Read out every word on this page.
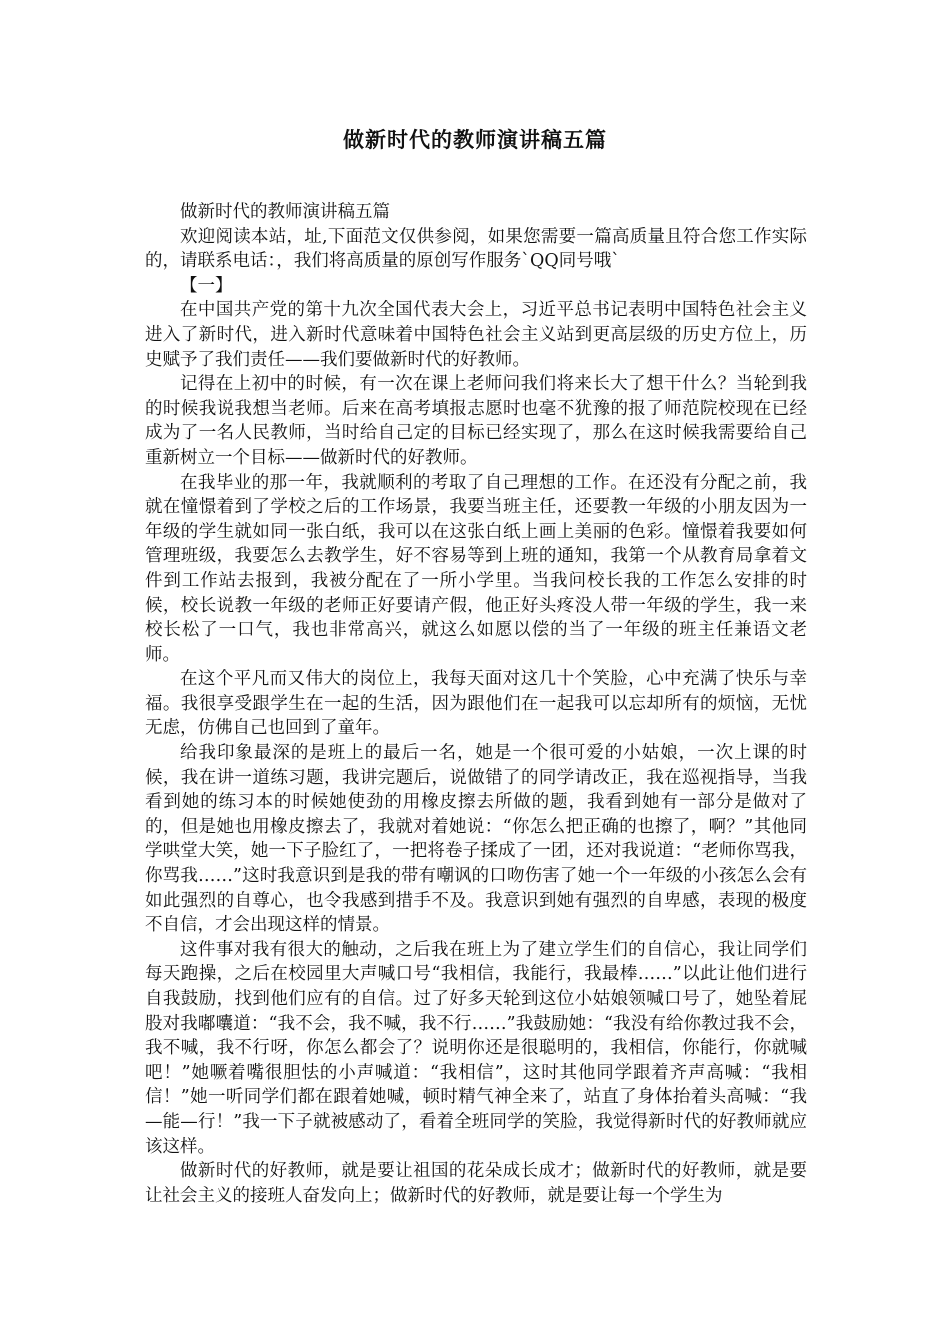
做新时代的教师演讲稿五篇

做新时代的教师演讲稿五篇

欢迎阅读本站，址,下面范文仅供参阅，如果您需要一篇高质量且符合您工作实际的，请联系电话：，我们将高质量的原创写作服务`QQ同号哦`

【一】

在中国共产党的第十九次全国代表大会上，习近平总书记表明中国特色社会主义进入了新时代，进入新时代意味着中国特色社会主义站到更高层级的历史方位上，历史赋予了我们责任——我们要做新时代的好教师。

记得在上初中的时候，有一次在课上老师问我们将来长大了想干什么？当轮到我的时候我说我想当老师。后来在高考填报志愿时也毫不犹豫的报了师范院校现在已经成为了一名人民教师，当时给自己定的目标已经实现了，那么在这时候我需要给自己重新树立一个目标——做新时代的好教师。

在我毕业的那一年，我就顺利的考取了自己理想的工作。在还没有分配之前，我就在憧憬着到了学校之后的工作场景，我要当班主任，还要教一年级的小朋友因为一年级的学生就如同一张白纸，我可以在这张白纸上画上美丽的色彩。憧憬着我要如何管理班级，我要怎么去教学生，好不容易等到上班的通知，我第一个从教育局拿着文件到工作站去报到，我被分配在了一所小学里。当我问校长我的工作怎么安排的时候，校长说教一年级的老师正好要请产假，他正好头疼没人带一年级的学生，我一来校长松了一口气，我也非常高兴，就这么如愿以偿的当了一年级的班主任兼语文老师。

在这个平凡而又伟大的岗位上，我每天面对这几十个笑脸，心中充满了快乐与幸福。我很享受跟学生在一起的生活，因为跟他们在一起我可以忘却所有的烦恼，无忧无虑，仿佛自己也回到了童年。

给我印象最深的是班上的最后一名，她是一个很可爱的小姑娘，一次上课的时候，我在讲一道练习题，我讲完题后，说做错了的同学请改正，我在巡视指导，当我看到她的练习本的时候她使劲的用橡皮擦去所做的题，我看到她有一部分是做对了的，但是她也用橡皮擦去了，我就对着她说：“你怎么把正确的也擦了，啊？”其他同学哄堂大笑，她一下子脸红了，一把将卷子揉成了一团，还对我说道：“老师你骂我，你骂我……”这时我意识到是我的带有嘲讽的口吻伤害了她一个一年级的小孩怎么会有如此强烈的自尊心，也令我感到措手不及。我意识到她有强烈的自卑感，表现的极度不自信，才会出现这样的情景。

这件事对我有很大的触动，之后我在班上为了建立学生们的自信心，我让同学们每天跑操，之后在校园里大声喊口号“我相信，我能行，我最棒……”以此让他们进行自我鼓励，找到他们应有的自信。过了好多天轮到这位小姑娘领喊口号了，她坠着屁股对我嘟囔道：“我不会，我不喊，我不行……”我鼓励她：“我没有给你教过我不会，我不喊，我不行呀，你怎么都会了？说明你还是很聪明的，我相信，你能行，你就喊吧！”她噘着嘴很胆怯的小声喊道：“我相信”，这时其他同学跟着齐声高喊：“我相信！”她一听同学们都在跟着她喊，顿时精气神全来了，站直了身体抬着头高喊：“我—能—行！”我一下子就被感动了，看着全班同学的笑脸，我觉得新时代的好教师就应该这样。

做新时代的好教师，就是要让祖国的花朵成长成才；做新时代的好教师，就是要让社会主义的接班人奋发向上；做新时代的好教师，就是要让每一个学生为
